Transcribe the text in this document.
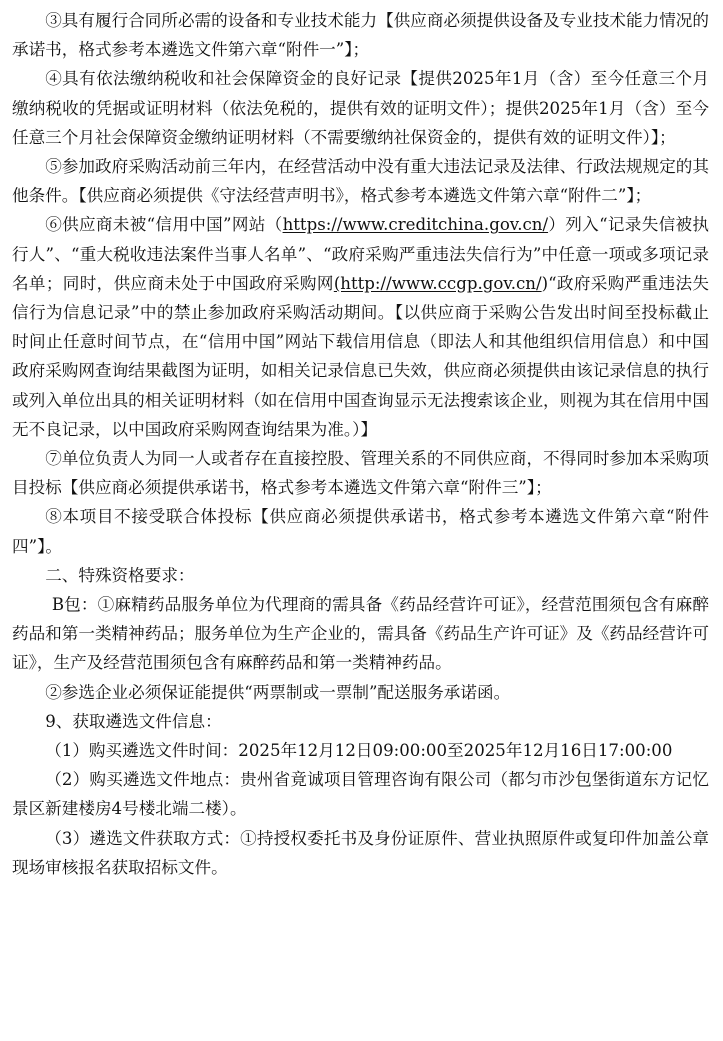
③具有履行合同所必需的设备和专业技术能力【供应商必须提供设备及专业技术能力情况的承诺书，格式参考本遴选文件第六章“附件一”】；

④具有依法缴纳税收和社会保障资金的良好记录【提供2025年1月（含）至今任意三个月缴纳税收的凭据或证明材料（依法免税的，提供有效的证明文件）；提供2025年1月（含）至今任意三个月社会保障资金缴纳证明材料（不需要缴纳社保资金的，提供有效的证明文件）】；

⑤参加政府采购活动前三年内，在经营活动中没有重大违法记录及法律、行政法规规定的其他条件。【供应商必须提供《守法经营声明书》，格式参考本遴选文件第六章“附件二”】；

⑥供应商未被“信用中国”网站（https://www.creditchina.gov.cn/）列入“记录失信被执行人”、“重大税收违法案件当事人名单”、“政府采购严重违法失信行为”中任意一项或多项记录名单；同时，供应商未处于中国政府采购网(http://www.ccgp.gov.cn/)“政府采购严重违法失信行为信息记录”中的禁止参加政府采购活动期间。【以供应商于采购公告发出时间至投标截止时间止任意时间节点，在“信用中国”网站下载信用信息（即法人和其他组织信用信息）和中国政府采购网查询结果截图为证明，如相关记录信息已失效，供应商必须提供由该记录信息的执行或列入单位出具的相关证明材料（如在信用中国查询显示无法搜索该企业，则视为其在信用中国无不良记录，以中国政府采购网查询结果为准。）】

⑦单位负责人为同一人或者存在直接控股、管理关系的不同供应商，不得同时参加本采购项目投标【供应商必须提供承诺书，格式参考本遴选文件第六章“附件三”】；

⑧本项目不接受联合体投标【供应商必须提供承诺书，格式参考本遴选文件第六章“附件四”】。

二、特殊资格要求：

B包：①麻精药品服务单位为代理商的需具备《药品经营许可证》，经营范围须包含有麻醉药品和第一类精神药品；服务单位为生产企业的，需具备《药品生产许可证》及《药品经营许可证》，生产及经营范围须包含有麻醉药品和第一类精神药品。

②参选企业必须保证能提供“两票制或一票制”配送服务承诺函。

9、获取遴选文件信息：

（1）购买遴选文件时间：2025年12月12日09:00:00至2025年12月16日17:00:00

（2）购买遴选文件地点：贵州省竟诚项目管理咨询有限公司（都匀市沙包堡街道东方记忆景区新建楼房4号楼北端二楼）。

（3）遴选文件获取方式：①持授权委托书及身份证原件、营业执照原件或复印件加盖公章现场审核报名获取招标文件。
